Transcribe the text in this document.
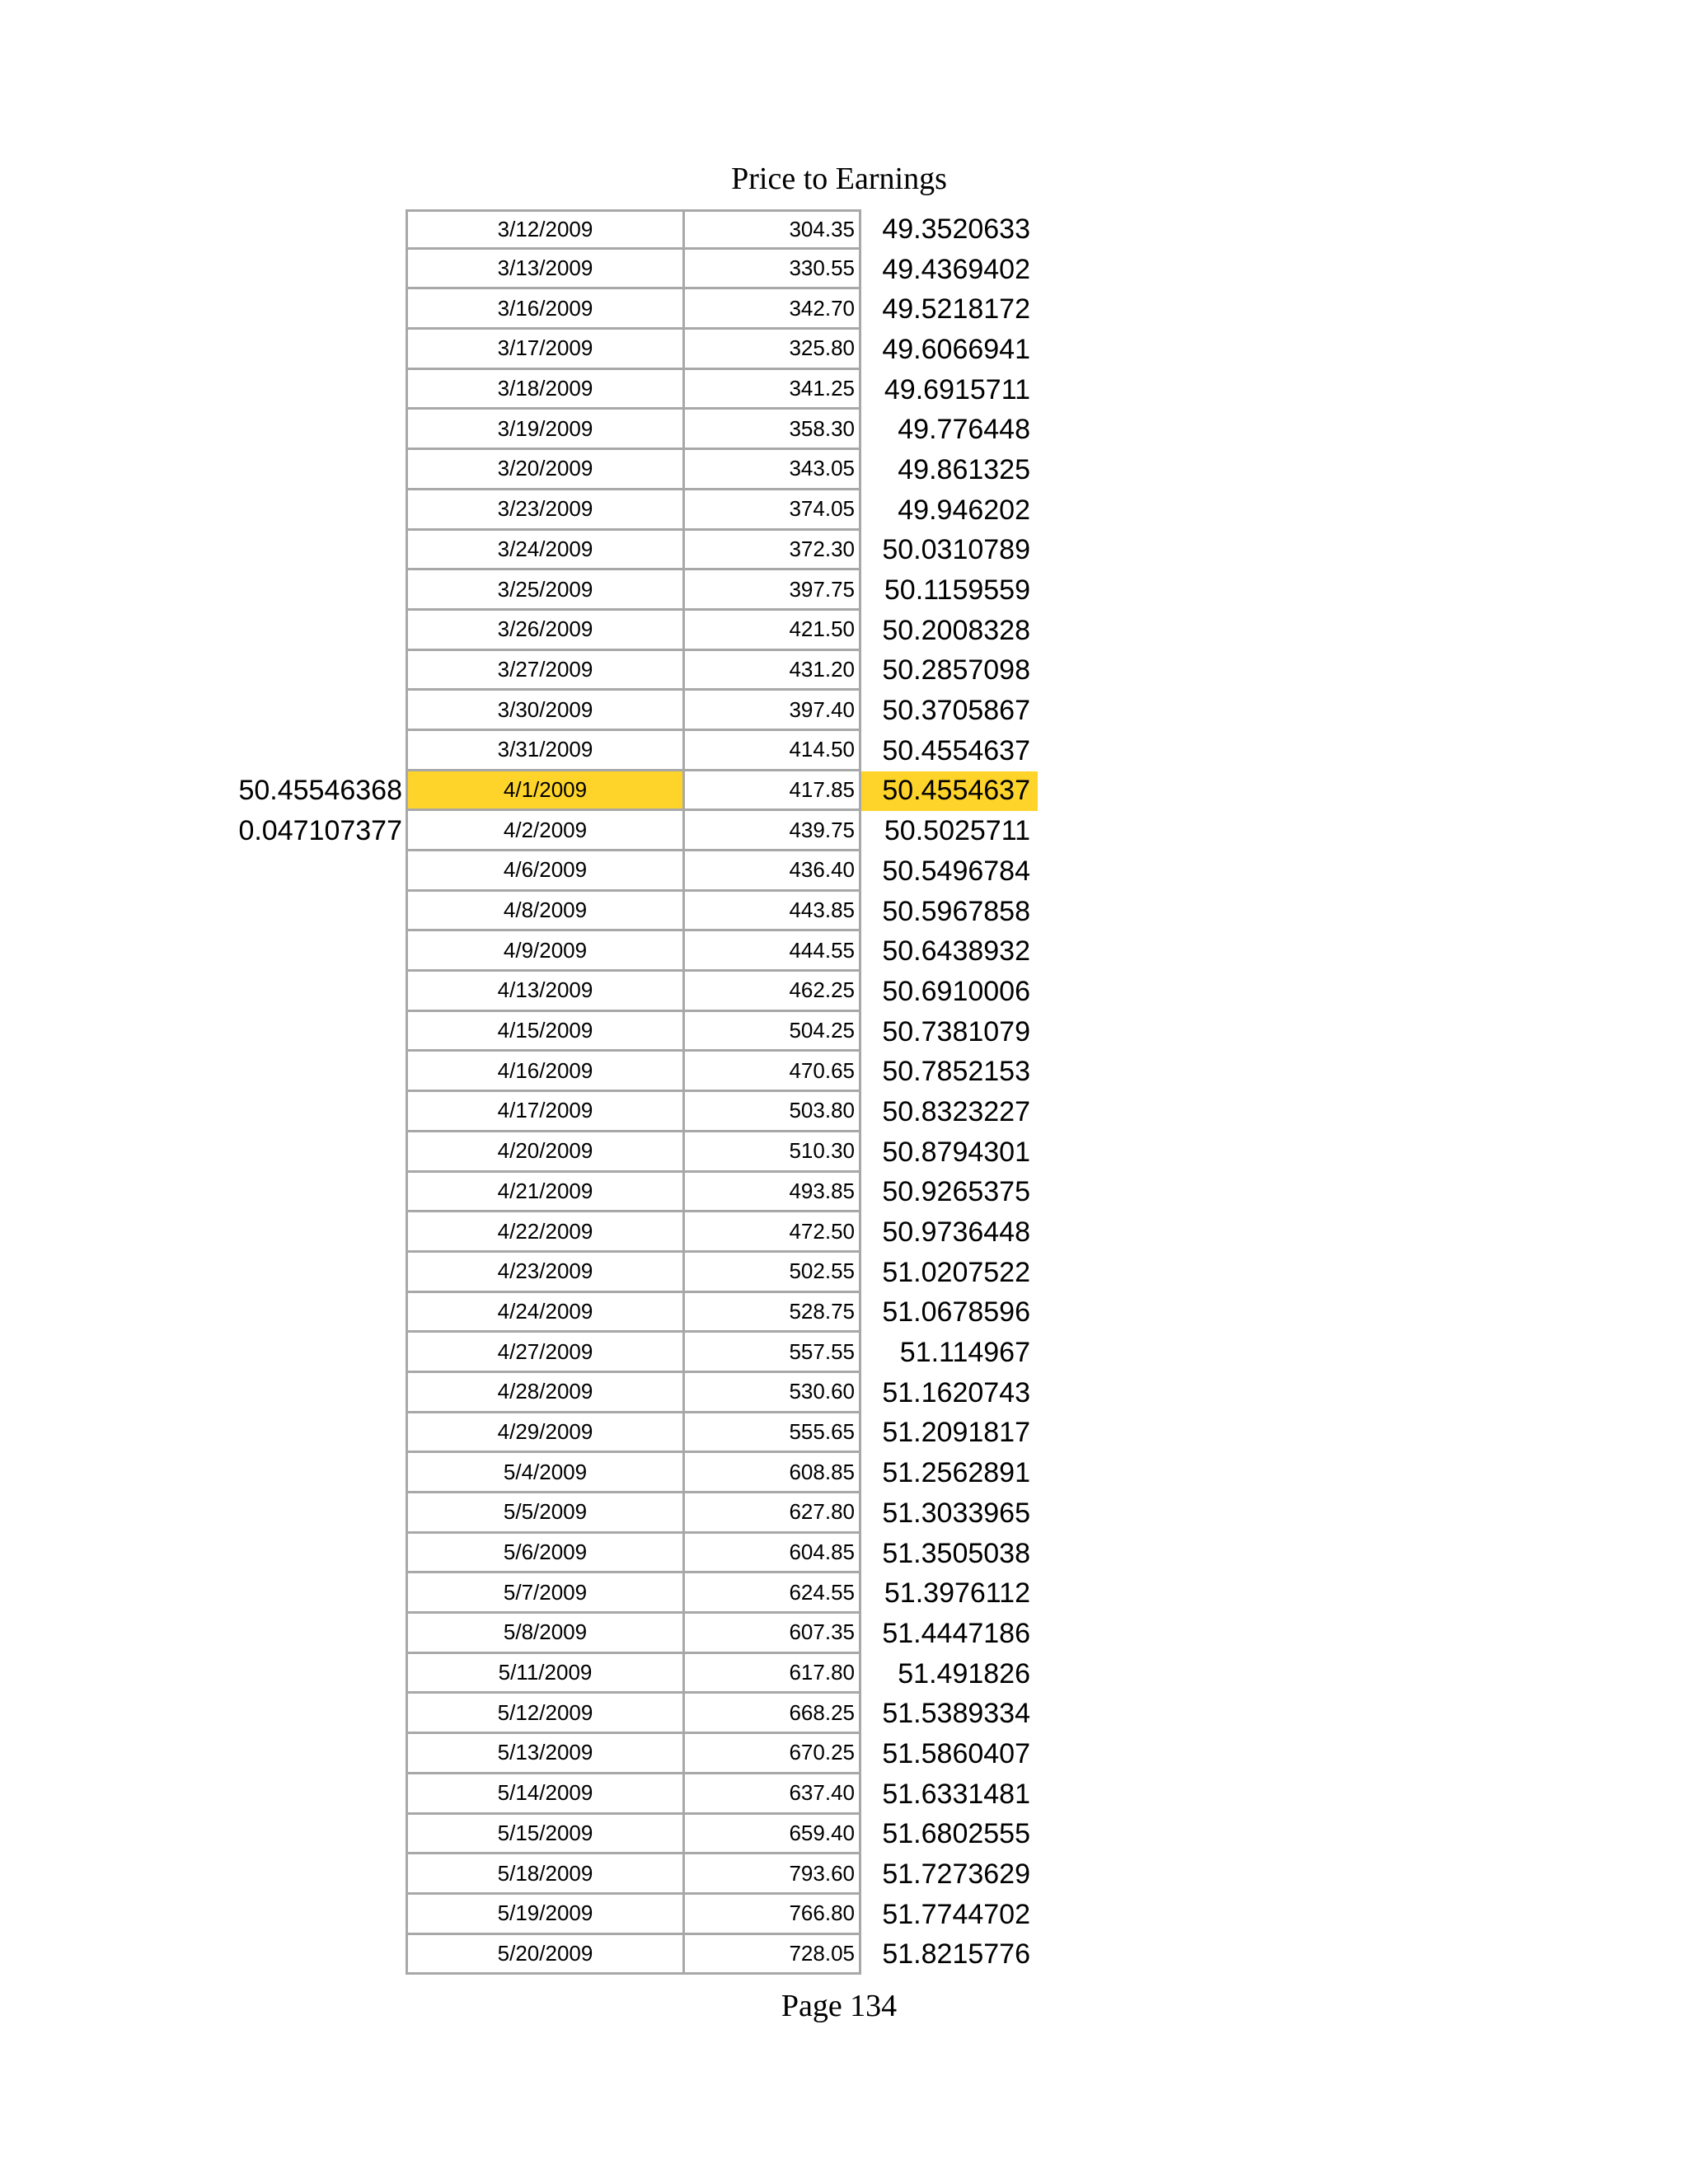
Price to Earnings
3/12/2009	304.35 49.3520633
3/13/2009	330.55 49.4369402
3/16/2009	342.70 49.5218172
3/17/2009	325.80 49.6066941
3/18/2009	341.25	49.6915711
3/19/2009	358.30	49.776448
3/20/2009	343.05	49.861325
3/23/2009	374.05	49.946202
3/24/2009	372.30 50.0310789
3/25/2009	397.75	50.1159559
3/26/2009	421.50 50.2008328
3/27/2009	431.20 50.2857098
3/30/2009	397.40 50.3705867
3/31/2009	414.50 50.4554637
50.45546368	4/1/2009	417.85 50.4554637
0.047107377	4/2/2009	439.75	50.5025711
4/6/2009	436.40 50.5496784
4/8/2009	443.85 50.5967858
4/9/2009	444.55 50.6438932
4/13/2009	462.25 50.6910006
4/15/2009	504.25 50.7381079
4/16/2009	470.65 50.7852153
4/17/2009	503.80 50.8323227
4/20/2009	510.30 50.8794301
4/21/2009	493.85 50.9265375
4/22/2009	472.50 50.9736448
4/23/2009	502.55 51.0207522
4/24/2009	528.75 51.0678596
4/27/2009	557.55	51.114967
4/28/2009	530.60 51.1620743
4/29/2009	555.65 51.2091817
5/4/2009	608.85 51.2562891
5/5/2009	627.80 51.3033965
5/6/2009	604.85 51.3505038
5/7/2009	624.55	51.3976112
5/8/2009	607.35 51.4447186
5/11/2009	617.80	51.491826
5/12/2009	668.25 51.5389334
5/13/2009	670.25 51.5860407
5/14/2009	637.40 51.6331481
5/15/2009	659.40 51.6802555
5/18/2009	793.60 51.7273629
5/19/2009	766.80 51.7744702
5/20/2009	728.05 51.8215776
Page 134
